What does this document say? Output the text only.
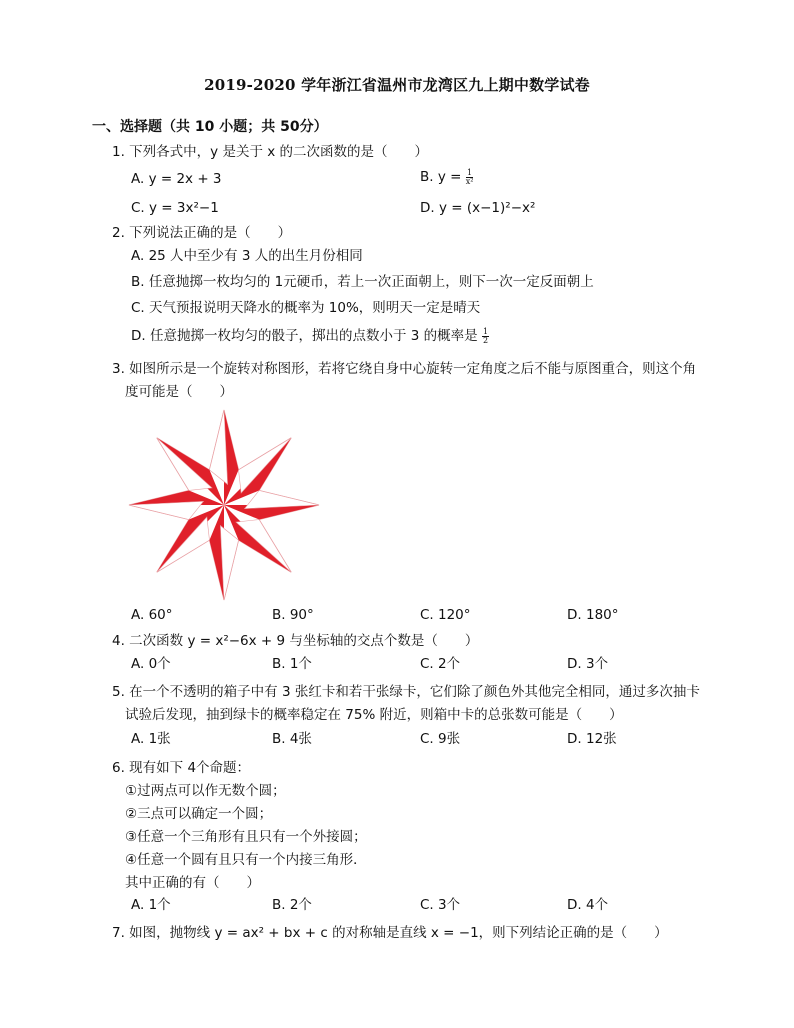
2019-2020 学年浙江省温州市龙湾区九上期中数学试卷
一、选择题（共 10 小题；共 50分）
1. 下列各式中，y 是关于 x 的二次函数的是（　　）
A. y = 2x + 3	B. $y = \frac{1}{\text{x²}}$
C. y = 3x²−1	D. y = (x−1)²−x²
2. 下列说法正确的是（　　）
A. 25 人中至少有 3 人的出生月份相同
B. 任意抛掷一枚均匀的 1元硬币，若上一次正面朝上，则下一次一定反面朝上
C. 天气预报说明天降水的概率为 10%，则明天一定是晴天
D. 任意抛掷一枚均匀的骰子，掷出的点数小于 3 的概率是 $\frac{1}{2}$
3. 如图所示是一个旋转对称图形，若将它绕自身中心旋转一定角度之后不能与原图重合，则这个角
度可能是（　　）
A. 60°	B. 90°	C. 120°	D. 180°
4. 二次函数 y = x²−6x + 9 与坐标轴的交点个数是（　　）
A. 0个	B. 1个	C. 2个	D. 3个
5. 在一个不透明的箱子中有 3 张红卡和若干张绿卡，它们除了颜色外其他完全相同，通过多次抽卡
试验后发现，抽到绿卡的概率稳定在 75% 附近，则箱中卡的总张数可能是（　　）
A. 1张	B. 4张	C. 9张	D. 12张
6. 现有如下 4个命题：
①过两点可以作无数个圆；
②三点可以确定一个圆；
③任意一个三角形有且只有一个外接圆；
④任意一个圆有且只有一个内接三角形．
其中正确的有（　　）
A. 1个	B. 2个	C. 3个	D. 4个
7. 如图，抛物线 y = ax² + bx + c 的对称轴是直线 x = −1，则下列结论正确的是（　　）
